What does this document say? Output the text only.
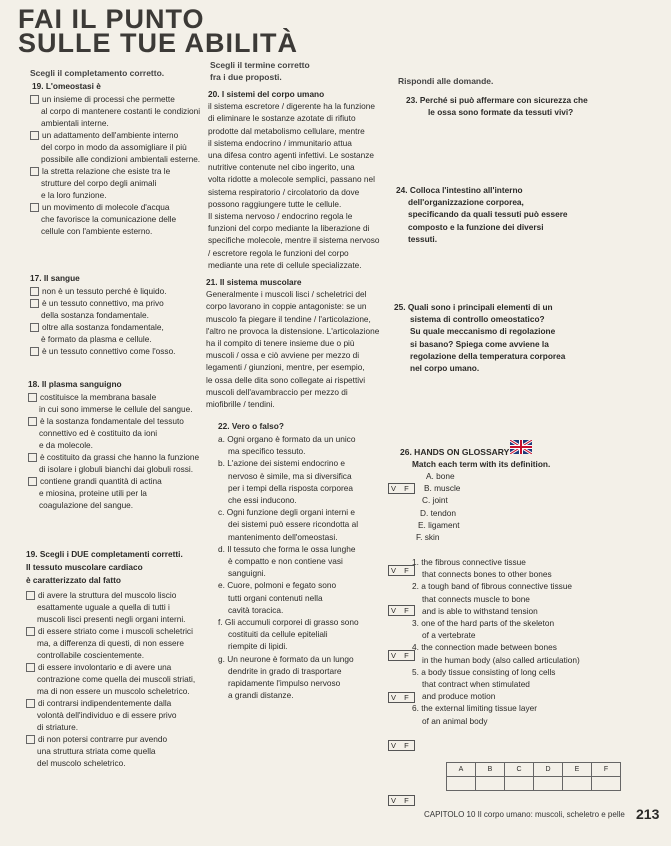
FAI IL PUNTO
SULLE TUE ABILITÀ
Scegli il completamento corretto.
19. L'omeostasi è
un insieme di processi che permette
al corpo di mantenere costanti le condizioni
ambientali interne.
un adattamento dell'ambiente interno
del corpo in modo da assomigliare il più
possibile alle condizioni ambientali esterne.
la stretta relazione che esiste tra le
strutture del corpo degli animali
e la loro funzione.
un movimento di molecole d'acqua
che favorisce la comunicazione delle
cellule con l'ambiente esterno.
17. Il sangue
non è un tessuto perché è liquido.
è un tessuto connettivo, ma privo
della sostanza fondamentale.
oltre alla sostanza fondamentale,
è formato da plasma e cellule.
è un tessuto connettivo come l'osso.
18. Il plasma sanguigno
costituisce la membrana basale
in cui sono immerse le cellule del sangue.
è la sostanza fondamentale del tessuto
connettivo ed è costituito da ioni
e da molecole.
è costituito da grassi che hanno la funzione
di isolare i globuli bianchi dai globuli rossi.
contiene grandi quantità di actina
e miosina, proteine utili per la
coagulazione del sangue.
19. Scegli i DUE completamenti corretti.
Il tessuto muscolare cardiaco
è caratterizzato dal fatto
di avere la struttura del muscolo liscio
esattamente uguale a quella di tutti i
muscoli lisci presenti negli organi interni.
di essere striato come i muscoli scheletrici
ma, a differenza di questi, di non essere
controllabile coscientemente.
di essere involontario e di avere una
contrazione come quella dei muscoli striati,
ma di non essere un muscolo scheletrico.
di contrarsi indipendentemente dalla
volontà dell'individuo e di essere privo
di striature.
di non potersi contrarre pur avendo
una struttura striata come quella
del muscolo scheletrico.
Scegli il termine corretto
fra i due proposti.
20. I sistemi del corpo umano
il sistema escretore / digerente ha la funzione
di eliminare le sostanze azotate di rifiuto
prodotte dal metabolismo cellulare, mentre
il sistema endocrino / immunitario attua
una difesa contro agenti infettivi. Le sostanze
nutritive contenute nel cibo ingerito, una
volta ridotte a molecole semplici, passano nel
sistema respiratorio / circolatorio da dove
possono raggiungere tutte le cellule.
Il sistema nervoso / endocrino regola le
funzioni del corpo mediante la liberazione di
specifiche molecole, mentre il sistema nervoso
/ escretore regola le funzioni del corpo
mediante una rete di cellule specializzate.
21. Il sistema muscolare
Generalmente i muscoli lisci / scheletrici del
corpo lavorano in coppie antagoniste: se un
muscolo fa piegare il tendine / l'articolazione,
l'altro ne provoca la distensione. L'articolazione
ha il compito di tenere insieme due o più
muscoli / ossa e ciò avviene per mezzo di
legamenti / giunzioni, mentre, per esempio,
le ossa delle dita sono collegate ai rispettivi
muscoli dell'avambraccio per mezzo di
miofibrille / tendini.
22. Vero o falso?
a. Ogni organo è formato da un unico
ma specifico tessuto.
b. L'azione dei sistemi endocrino e
nervoso è simile, ma si diversifica
per i tempi della risposta corporea
che essi inducono.
c. Ogni funzione degli organi interni e
dei sistemi può essere ricondotta al
mantenimento dell'omeostasi.
d. Il tessuto che forma le ossa lunghe
è compatto e non contiene vasi
sanguigni.
e. Cuore, polmoni e fegato sono
tutti organi contenuti nella
cavità toracica.
f. Gli accumuli corporei di grasso sono
costituiti da cellule epiteliali
riempite di lipidi.
g. Un neurone è formato da un lungo
dendrite in grado di trasportare
rapidamente l'impulso nervoso
a grandi distanze.
V F
V F
V F
V F
V F
V F
V F
Rispondi alle domande.
23. Perché si può affermare con sicurezza che
le ossa sono formate da tessuti vivi?
24. Colloca l'intestino all'interno
dell'organizzazione corporea,
specificando da quali tessuti può essere
composto e la funzione dei diversi
tessuti.
25. Quali sono i principali elementi di un
sistema di controllo omeostatico?
Su quale meccanismo di regolazione
si basano? Spiega come avviene la
regolazione della temperatura corporea
nel corpo umano.
26. HANDS ON GLOSSARY
Match each term with its definition.
A. bone
B. muscle
C. joint
D. tendon
E. ligament
F. skin
1. the fibrous connective tissue
that connects bones to other bones
2. a tough band of fibrous connective tissue
that connects muscle to bone
and is able to withstand tension
3. one of the hard parts of the skeleton
of a vertebrate
4. the connection made between bones
in the human body (also called articulation)
5. a body tissue consisting of long cells
that contract when stimulated
and produce motion
6. the external limiting tissue layer
of an animal body
A	B	C	D	E	F

CAPITOLO 10 Il corpo umano: muscoli, scheletro e pelle 213
